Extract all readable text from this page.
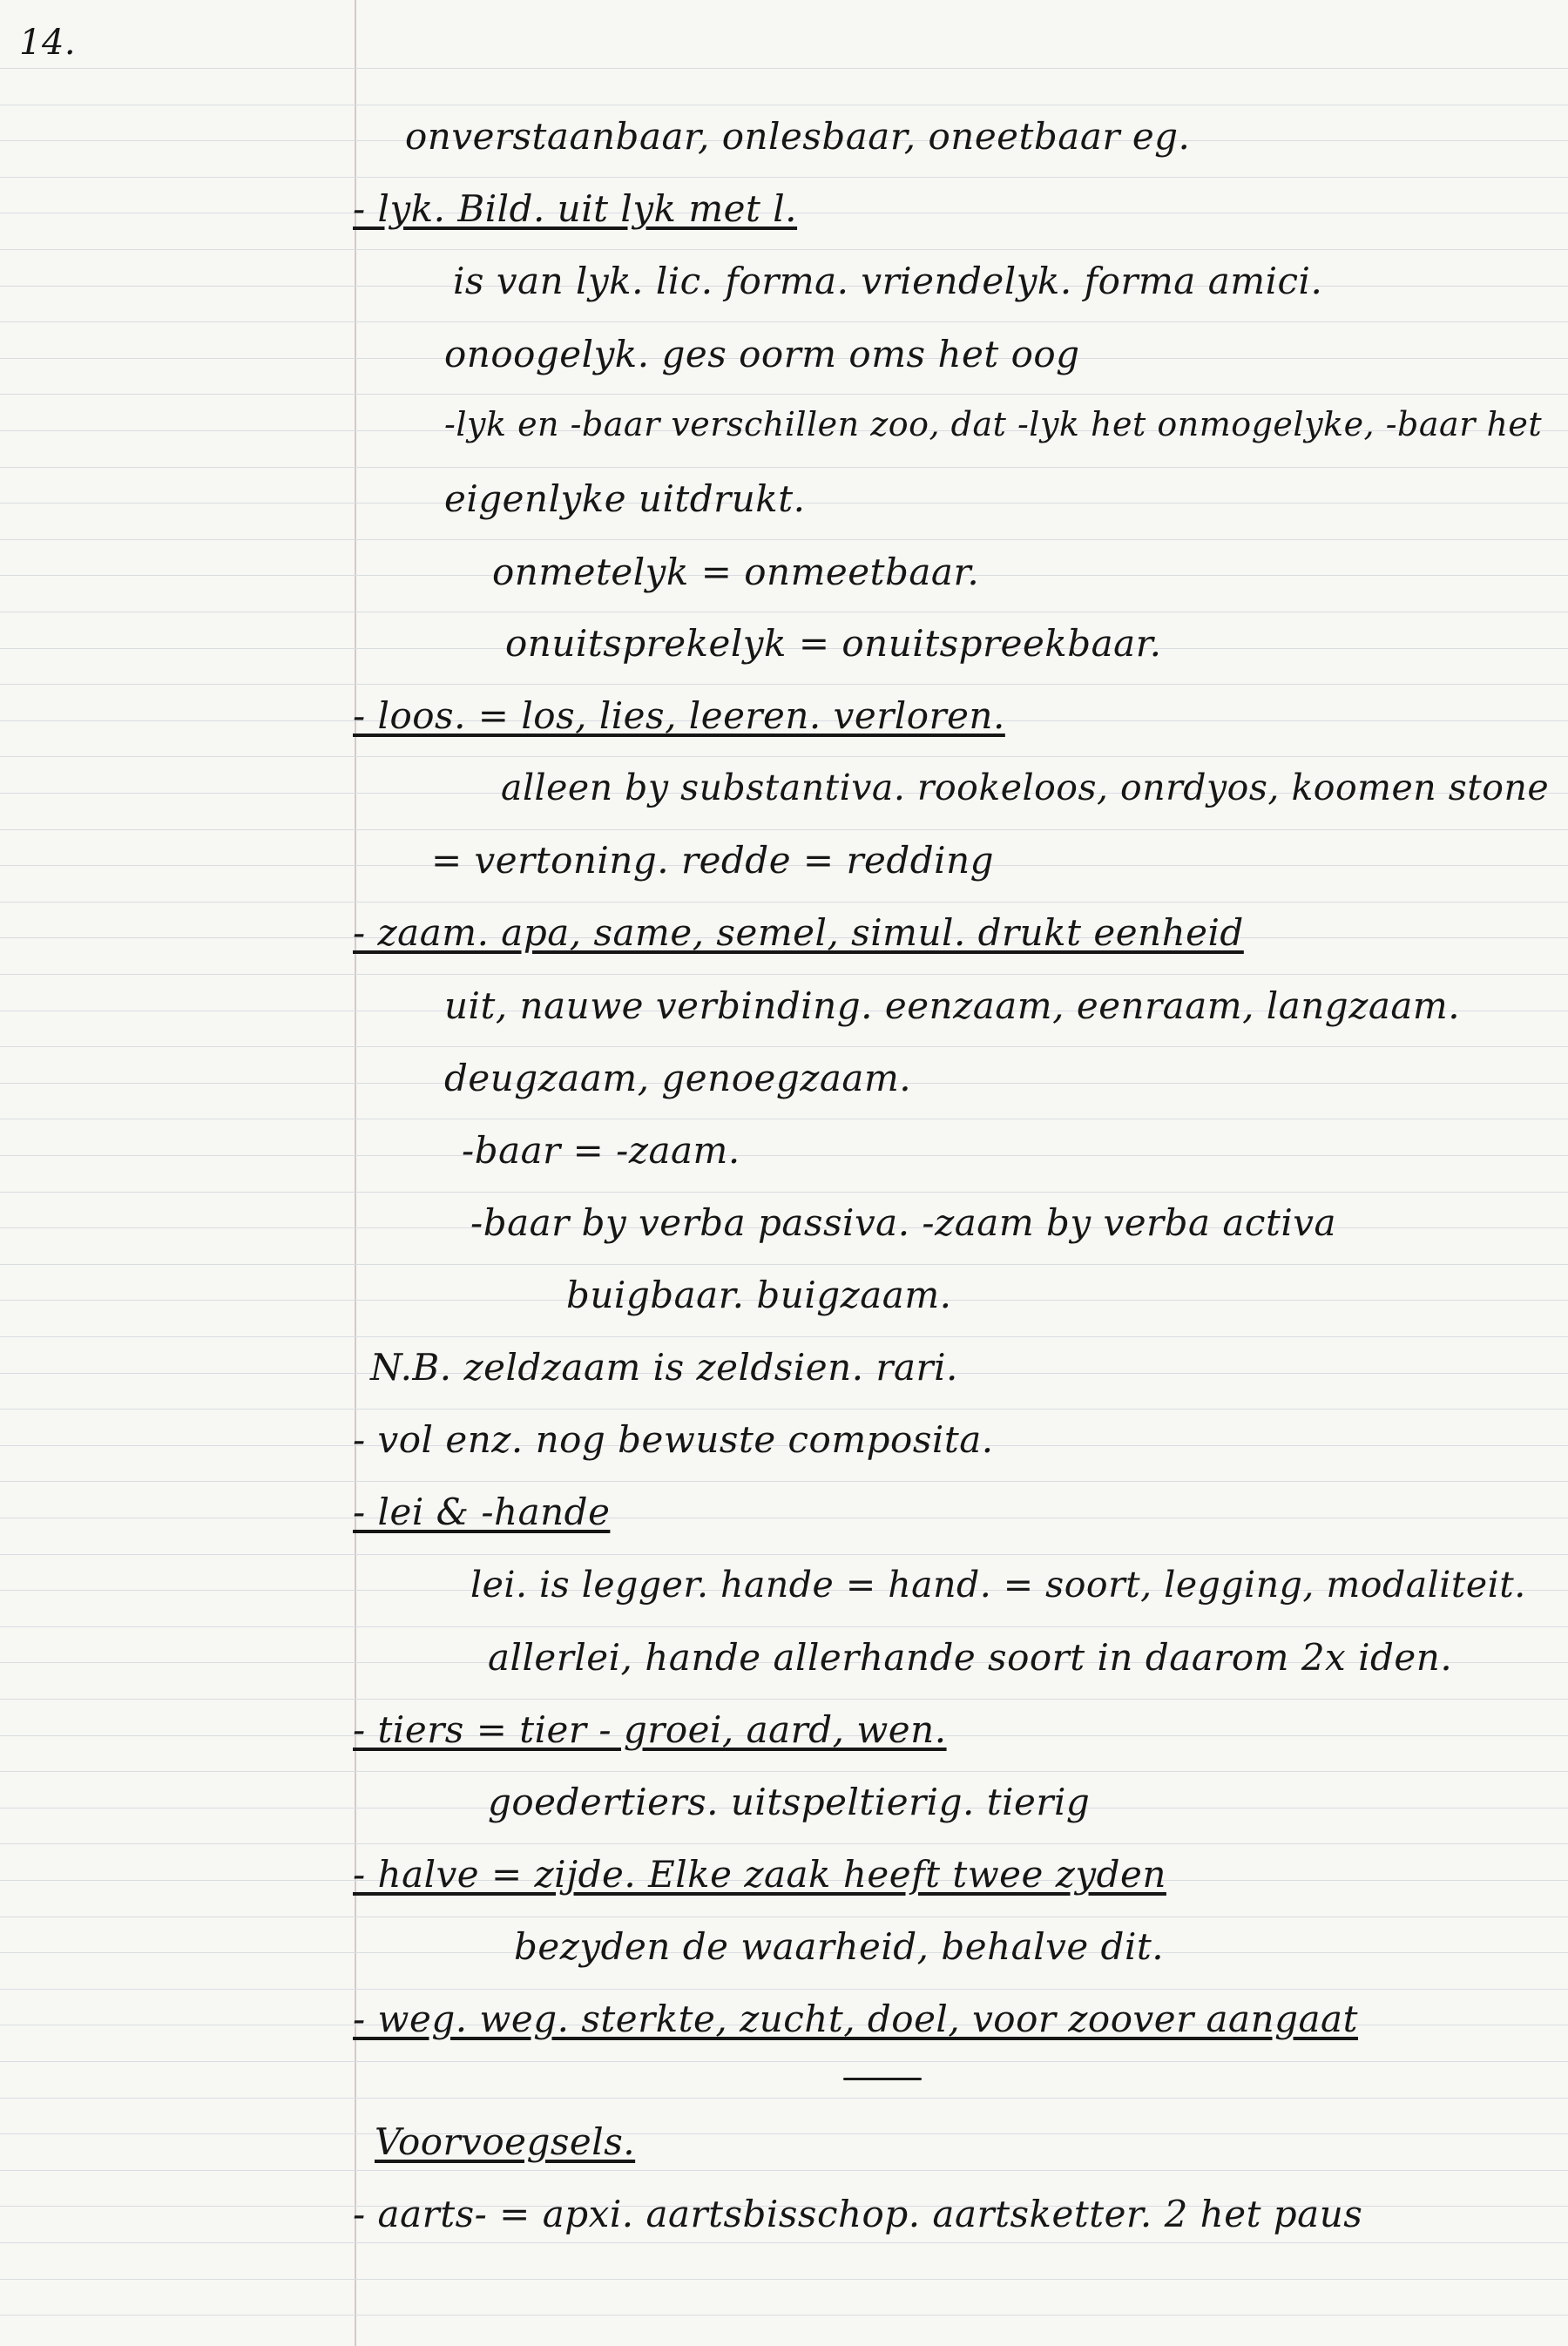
14.
onverstaanbaar, onlesbaar, oneetbaar eg.
- lyk. Bild. uit lyk met l.
is van lyk. lic. forma. vriendelyk. forma amici.
onoogelyk. ges oorm oms het oog
-lyk en -baar verschillen zoo, dat -lyk het onmogelyke, -baar het
eigenlyke uitdrukt.
onmetelyk = onmeetbaar.
onuitsprekelyk = onuitspreekbaar.
- loos. = los, lies, leeren. verloren.
alleen by substantiva. rookeloos, onrdyos, koomen stone
= vertoning. redde = redding
- zaam. apa, same, semel, simul. drukt eenheid
uit, nauwe verbinding. eenzaam, eenraam, langzaam.
deugzaam, genoegzaam.
-baar = -zaam.
-baar by verba passiva. -zaam by verba activa
buigbaar. buigzaam.
N.B. zeldzaam is zeldsien. rari.
- vol enz. nog bewuste composita.
- lei & -hande
lei. is legger. hande = hand. = soort, legging, modaliteit.
allerlei, hande allerhande soort in daarom 2x iden.
- tiers = tier - groei, aard, wen.
goedertiers. uitspeltierig. tierig
- halve = zijde. Elke zaak heeft twee zyden
bezyden de waarheid, behalve dit.
- weg. weg. sterkte, zucht, doel, voor zoover aangaat
Voorvoegsels.
- aarts- = apxi. aartsbisschop. aartsketter. 2 het paus
